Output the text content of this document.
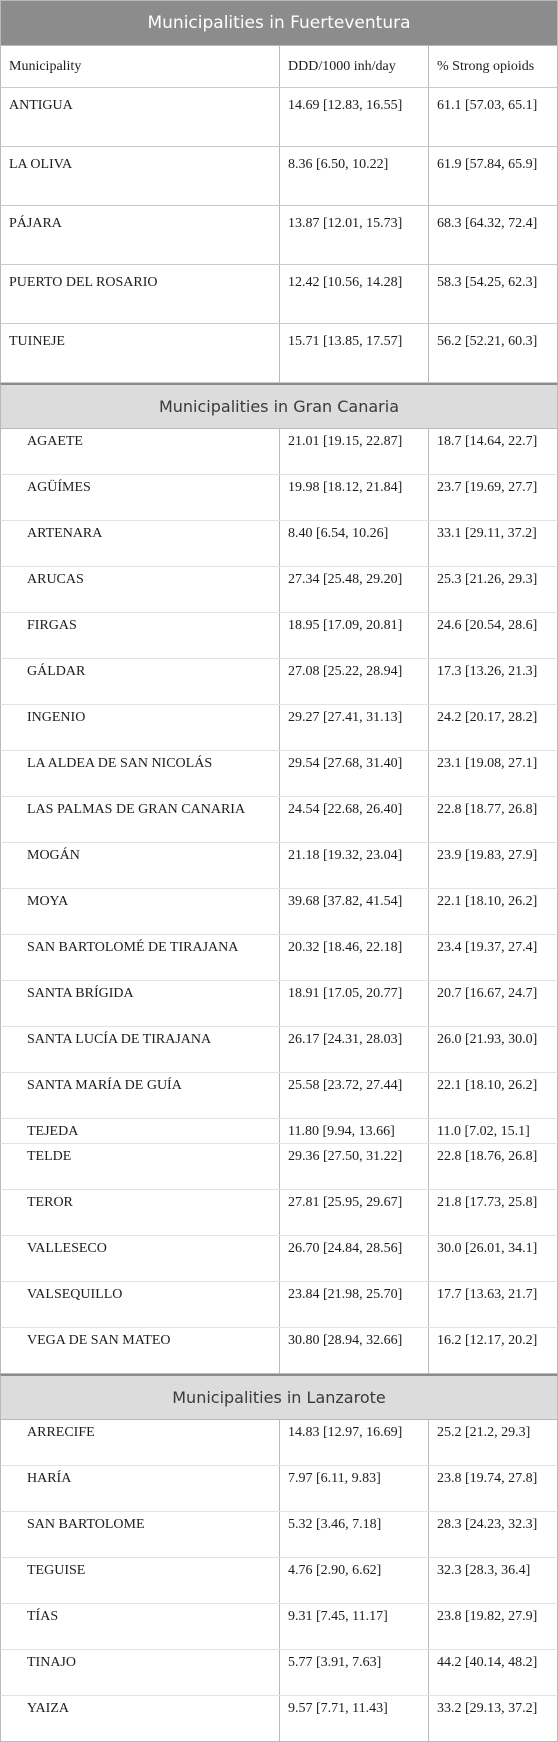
Municipalities in Fuerteventura
Municipality	DDD/1000 inh/day	% Strong opioids
ANTIGUA	14.69 [12.83, 16.55]	61.1 [57.03, 65.1]
LA OLIVA	8.36 [6.50, 10.22]	61.9 [57.84, 65.9]
PÁJARA	13.87 [12.01, 15.73]	68.3 [64.32, 72.4]
PUERTO DEL ROSARIO	12.42 [10.56, 14.28]	58.3 [54.25, 62.3]
TUINEJE	15.71 [13.85, 17.57]	56.2 [52.21, 60.3]
Municipalities in Gran Canaria
AGAETE	21.01 [19.15, 22.87]	18.7 [14.64, 22.7]
AGÜÍMES	19.98 [18.12, 21.84]	23.7 [19.69, 27.7]
ARTENARA	8.40 [6.54, 10.26]	33.1 [29.11, 37.2]
ARUCAS	27.34 [25.48, 29.20]	25.3 [21.26, 29.3]
FIRGAS	18.95 [17.09, 20.81]	24.6 [20.54, 28.6]
GÁLDAR	27.08 [25.22, 28.94]	17.3 [13.26, 21.3]
INGENIO	29.27 [27.41, 31.13]	24.2 [20.17, 28.2]
LA ALDEA DE SAN NICOLÁS	29.54 [27.68, 31.40]	23.1 [19.08, 27.1]
LAS PALMAS DE GRAN CANARIA	24.54 [22.68, 26.40]	22.8 [18.77, 26.8]
MOGÁN	21.18 [19.32, 23.04]	23.9 [19.83, 27.9]
MOYA	39.68 [37.82, 41.54]	22.1 [18.10, 26.2]
SAN BARTOLOMÉ DE TIRAJANA	20.32 [18.46, 22.18]	23.4 [19.37, 27.4]
SANTA BRÍGIDA	18.91 [17.05, 20.77]	20.7 [16.67, 24.7]
SANTA LUCÍA DE TIRAJANA	26.17 [24.31, 28.03]	26.0 [21.93, 30.0]
SANTA MARÍA DE GUÍA	25.58 [23.72, 27.44]	22.1 [18.10, 26.2]
TEJEDA	11.80 [9.94, 13.66]	11.0 [7.02, 15.1]
TELDE	29.36 [27.50, 31.22]	22.8 [18.76, 26.8]
TEROR	27.81 [25.95, 29.67]	21.8 [17.73, 25.8]
VALLESECO	26.70 [24.84, 28.56]	30.0 [26.01, 34.1]
VALSEQUILLO	23.84 [21.98, 25.70]	17.7 [13.63, 21.7]
VEGA DE SAN MATEO	30.80 [28.94, 32.66]	16.2 [12.17, 20.2]
Municipalities in Lanzarote
ARRECIFE	14.83 [12.97, 16.69]	25.2 [21.2, 29.3]
HARÍA	7.97 [6.11, 9.83]	23.8 [19.74, 27.8]
SAN BARTOLOME	5.32 [3.46, 7.18]	28.3 [24.23, 32.3]
TEGUISE	4.76 [2.90, 6.62]	32.3 [28.3, 36.4]
TÍAS	9.31 [7.45, 11.17]	23.8 [19.82, 27.9]
TINAJO	5.77 [3.91, 7.63]	44.2 [40.14, 48.2]
YAIZA	9.57 [7.71, 11.43]	33.2 [29.13, 37.2]
